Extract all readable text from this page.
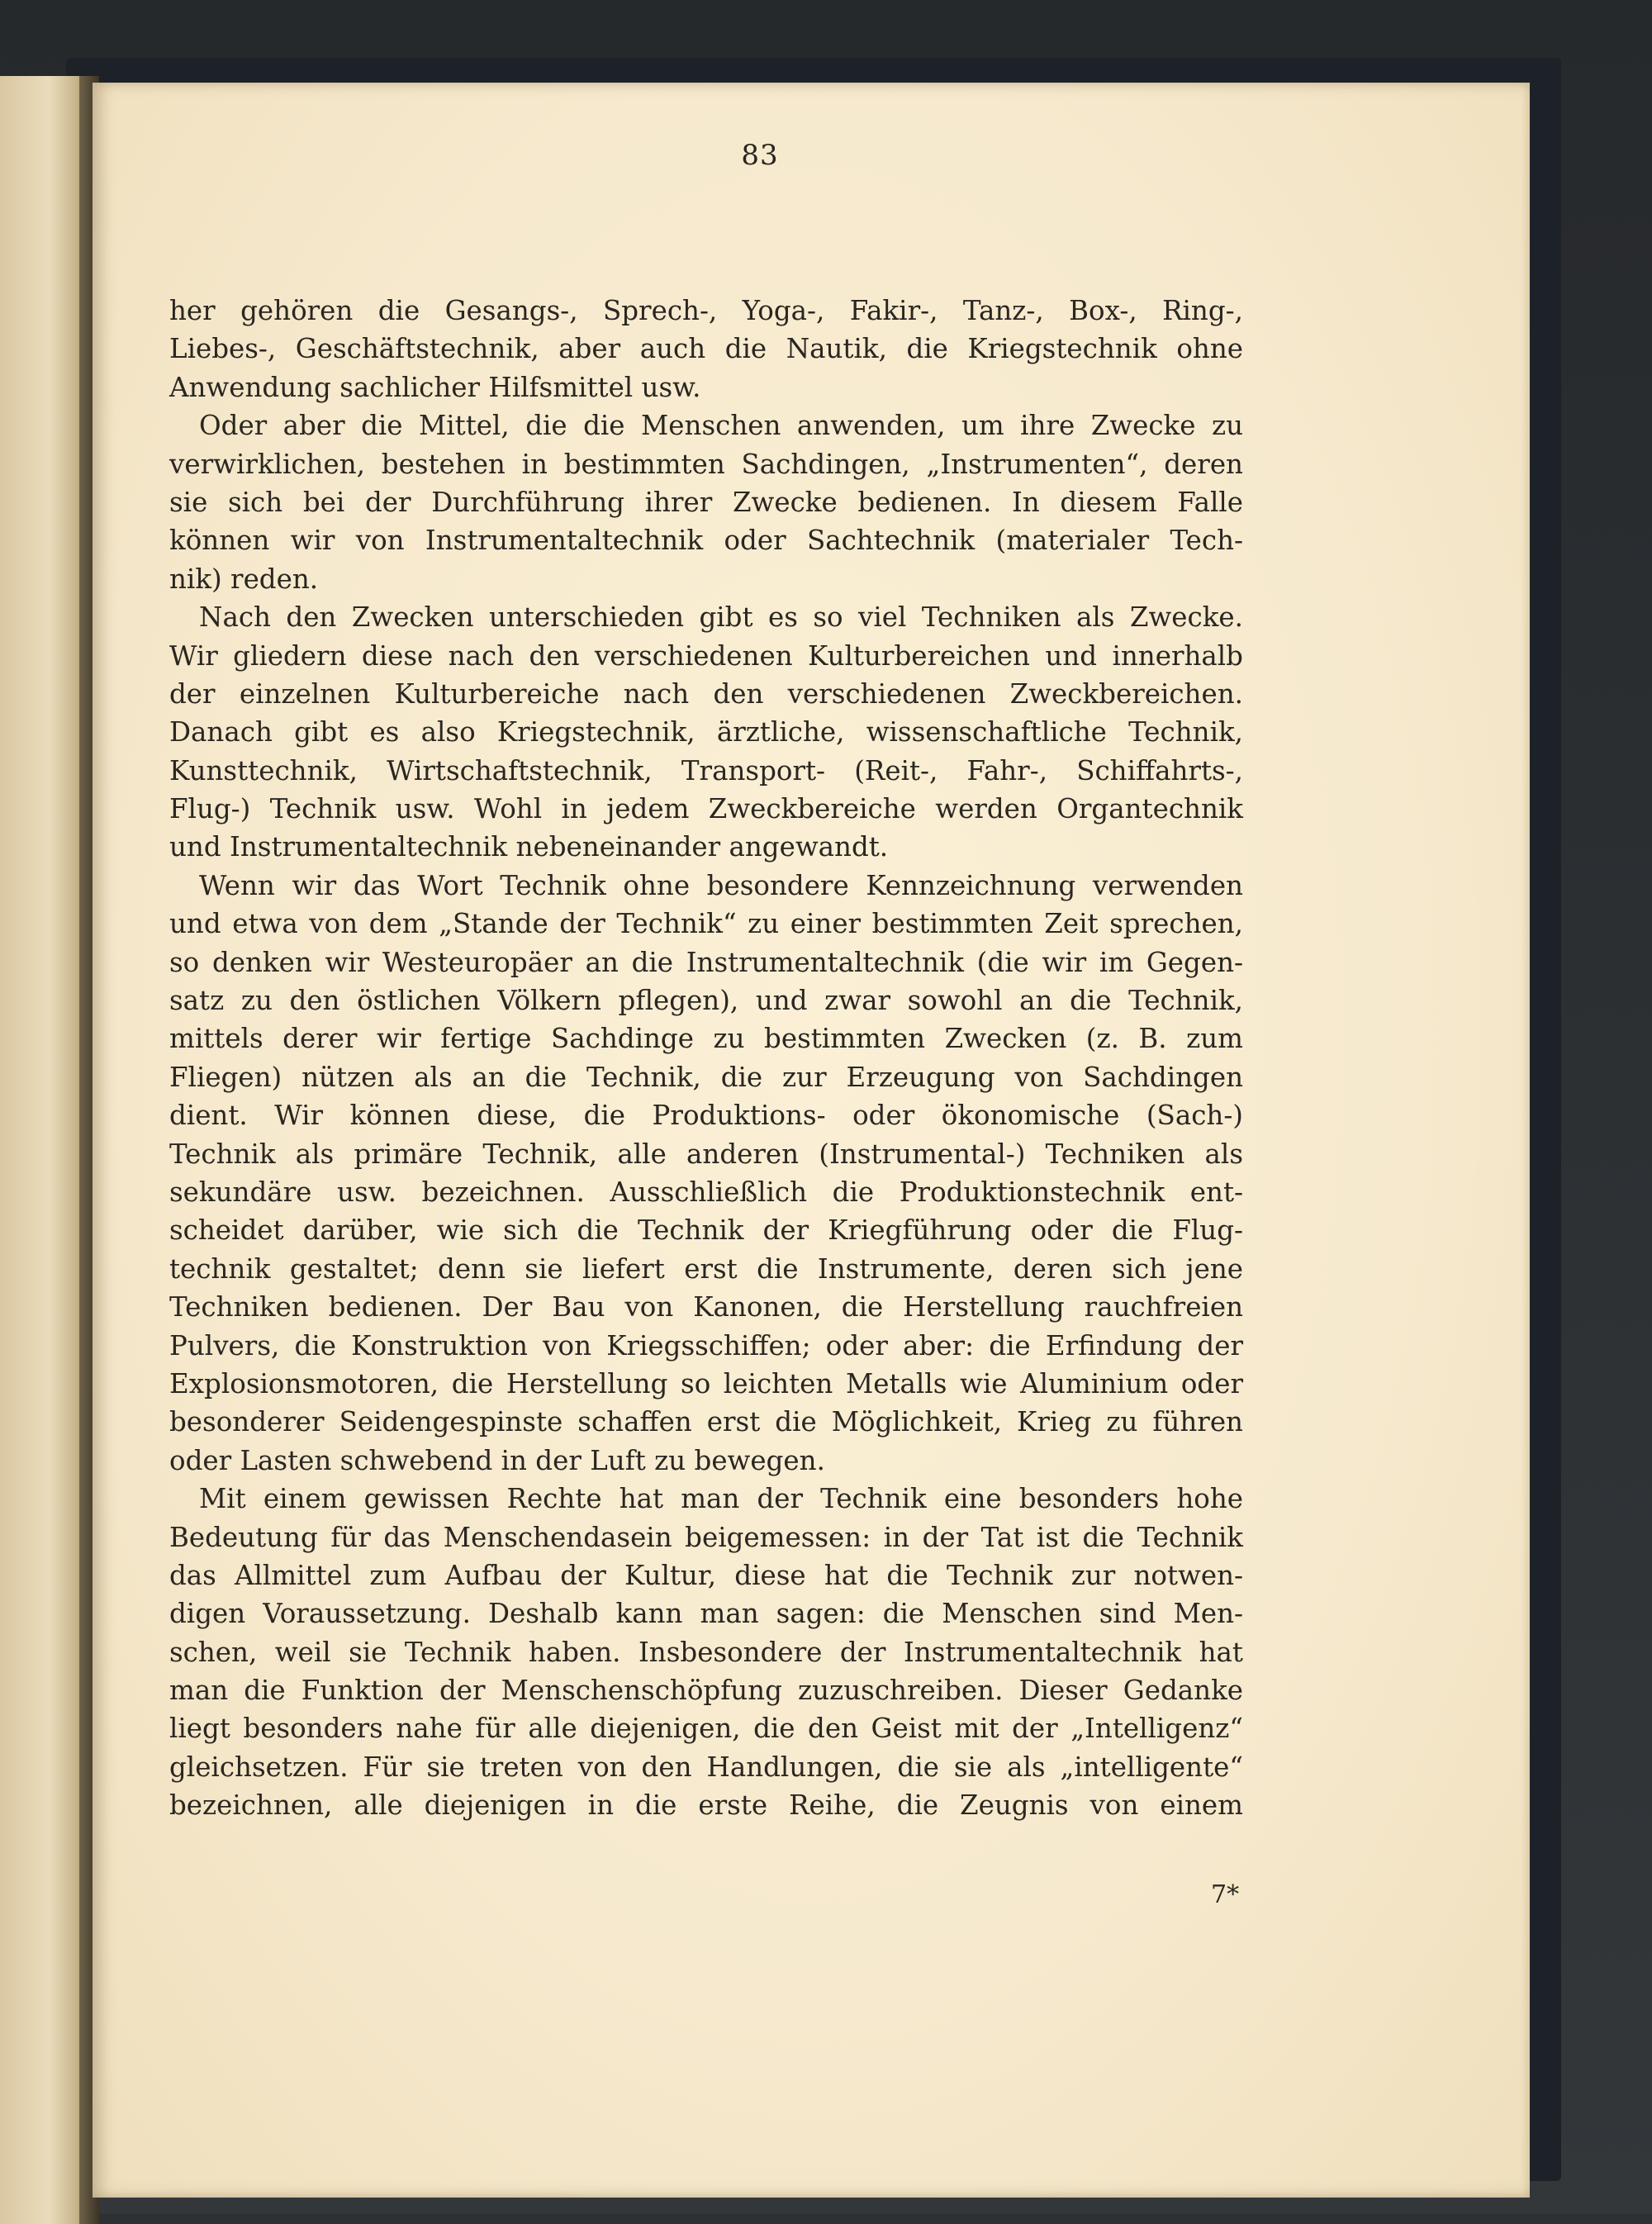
83
her gehören die Gesangs-, Sprech-, Yoga-, Fakir-, Tanz-, Box-, Ring-,
Liebes-, Geschäftstechnik, aber auch die Nautik, die Kriegstechnik ohne
Anwendung sachlicher Hilfsmittel usw.
Oder aber die Mittel, die die Menschen anwenden, um ihre Zwecke zu
verwirklichen, bestehen in bestimmten Sachdingen, „Instrumenten“, deren
sie sich bei der Durchführung ihrer Zwecke bedienen. In diesem Falle
können wir von Instrumentaltechnik oder Sachtechnik (materialer Tech-
nik) reden.
Nach den Zwecken unterschieden gibt es so viel Techniken als Zwecke.
Wir gliedern diese nach den verschiedenen Kulturbereichen und innerhalb
der einzelnen Kulturbereiche nach den verschiedenen Zweckbereichen.
Danach gibt es also Kriegstechnik, ärztliche, wissenschaftliche Technik,
Kunsttechnik, Wirtschaftstechnik, Transport- (Reit-, Fahr-, Schiffahrts-,
Flug-) Technik usw. Wohl in jedem Zweckbereiche werden Organtechnik
und Instrumentaltechnik nebeneinander angewandt.
Wenn wir das Wort Technik ohne besondere Kennzeichnung verwenden
und etwa von dem „Stande der Technik“ zu einer bestimmten Zeit sprechen,
so denken wir Westeuropäer an die Instrumentaltechnik (die wir im Gegen-
satz zu den östlichen Völkern pflegen), und zwar sowohl an die Technik,
mittels derer wir fertige Sachdinge zu bestimmten Zwecken (z. B. zum
Fliegen) nützen als an die Technik, die zur Erzeugung von Sachdingen
dient. Wir können diese, die Produktions- oder ökonomische (Sach-)
Technik als primäre Technik, alle anderen (Instrumental-) Techniken als
sekundäre usw. bezeichnen. Ausschließlich die Produktionstechnik ent-
scheidet darüber, wie sich die Technik der Kriegführung oder die Flug-
technik gestaltet; denn sie liefert erst die Instrumente, deren sich jene
Techniken bedienen. Der Bau von Kanonen, die Herstellung rauchfreien
Pulvers, die Konstruktion von Kriegsschiffen; oder aber: die Erfindung der
Explosionsmotoren, die Herstellung so leichten Metalls wie Aluminium oder
besonderer Seidengespinste schaffen erst die Möglichkeit, Krieg zu führen
oder Lasten schwebend in der Luft zu bewegen.
Mit einem gewissen Rechte hat man der Technik eine besonders hohe
Bedeutung für das Menschendasein beigemessen: in der Tat ist die Technik
das Allmittel zum Aufbau der Kultur, diese hat die Technik zur notwen-
digen Voraussetzung. Deshalb kann man sagen: die Menschen sind Men-
schen, weil sie Technik haben. Insbesondere der Instrumentaltechnik hat
man die Funktion der Menschenschöpfung zuzuschreiben. Dieser Gedanke
liegt besonders nahe für alle diejenigen, die den Geist mit der „Intelligenz“
gleichsetzen. Für sie treten von den Handlungen, die sie als „intelligente“
bezeichnen, alle diejenigen in die erste Reihe, die Zeugnis von einem
7*
